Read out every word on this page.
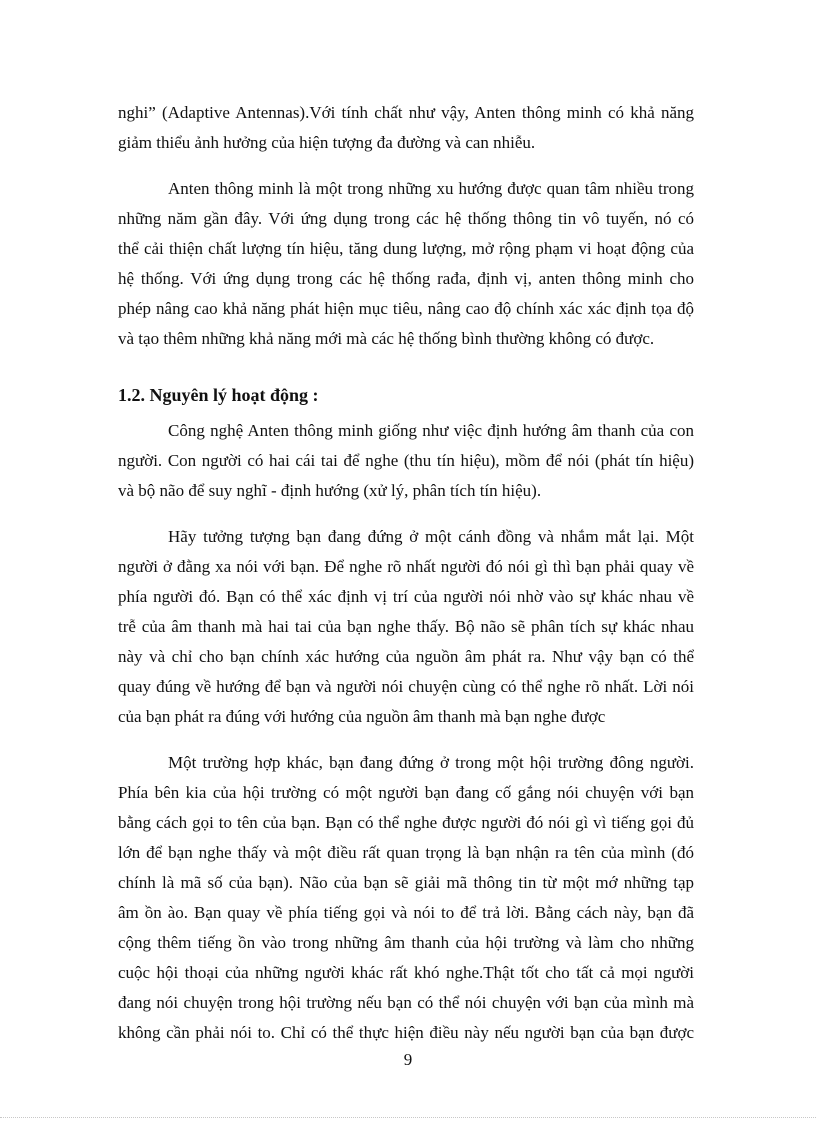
nghi” (Adaptive Antennas).Với tính chất như vậy, Anten thông minh có khả năng
giảm thiểu ảnh hưởng của hiện tượng đa đường và can nhiễu.

Anten thông minh là một trong những xu hướng được quan tâm nhiều trong
những năm gần đây. Với ứng dụng trong các hệ thống thông tin vô tuyến, nó có
thể cải thiện chất lượng tín hiệu, tăng dung lượng, mở rộng phạm vi hoạt động của
hệ thống. Với ứng dụng trong các hệ thống rađa, định vị, anten thông minh cho
phép nâng cao khả năng phát hiện mục tiêu, nâng cao độ chính xác xác định tọa độ
và tạo thêm những khả năng mới mà các hệ thống bình thường không có được.

1.2. Nguyên lý hoạt động :

Công nghệ Anten thông minh giống như việc định hướng âm thanh của con
người. Con người có hai cái tai để nghe (thu tín hiệu), mồm để nói (phát tín hiệu)
và bộ não để suy nghĩ - định hướng (xử lý, phân tích tín hiệu).

Hãy tưởng tượng bạn đang đứng ở một cánh đồng và nhắm mắt lại. Một
người ở đằng xa nói với bạn. Để nghe rõ nhất người đó nói gì thì bạn phải quay về
phía người đó. Bạn có thể xác định vị trí của người nói nhờ vào sự khác nhau về
trễ của âm thanh mà hai tai của bạn nghe thấy. Bộ não sẽ phân tích sự khác nhau
này và chỉ cho bạn chính xác hướng của nguồn âm phát ra. Như vậy bạn có thể
quay đúng về hướng để bạn và người nói chuyện cùng có thể nghe rõ nhất. Lời nói
của bạn phát ra đúng với hướng của nguồn âm thanh mà bạn nghe được

Một trường hợp khác, bạn đang đứng ở trong một hội trường đông người.
Phía bên kia của hội trường có một người bạn đang cố gắng nói chuyện với bạn
bằng cách gọi to tên của bạn. Bạn có thể nghe được người đó nói gì vì tiếng gọi đủ
lớn để bạn nghe thấy và một điều rất quan trọng là bạn nhận ra tên của mình (đó
chính là mã số của bạn). Não của bạn sẽ giải mã thông tin từ một mớ những tạp
âm ồn ào. Bạn quay về phía tiếng gọi và nói to để trả lời. Bằng cách này, bạn đã
cộng thêm tiếng ồn vào trong những âm thanh của hội trường và làm cho những
cuộc hội thoại của những người khác rất khó nghe.Thật tốt cho tất cả mọi người
đang nói chuyện trong hội trường nếu bạn có thể nói chuyện với bạn của mình mà
không cần phải nói to. Chỉ có thể thực hiện điều này nếu người bạn của bạn được

9
